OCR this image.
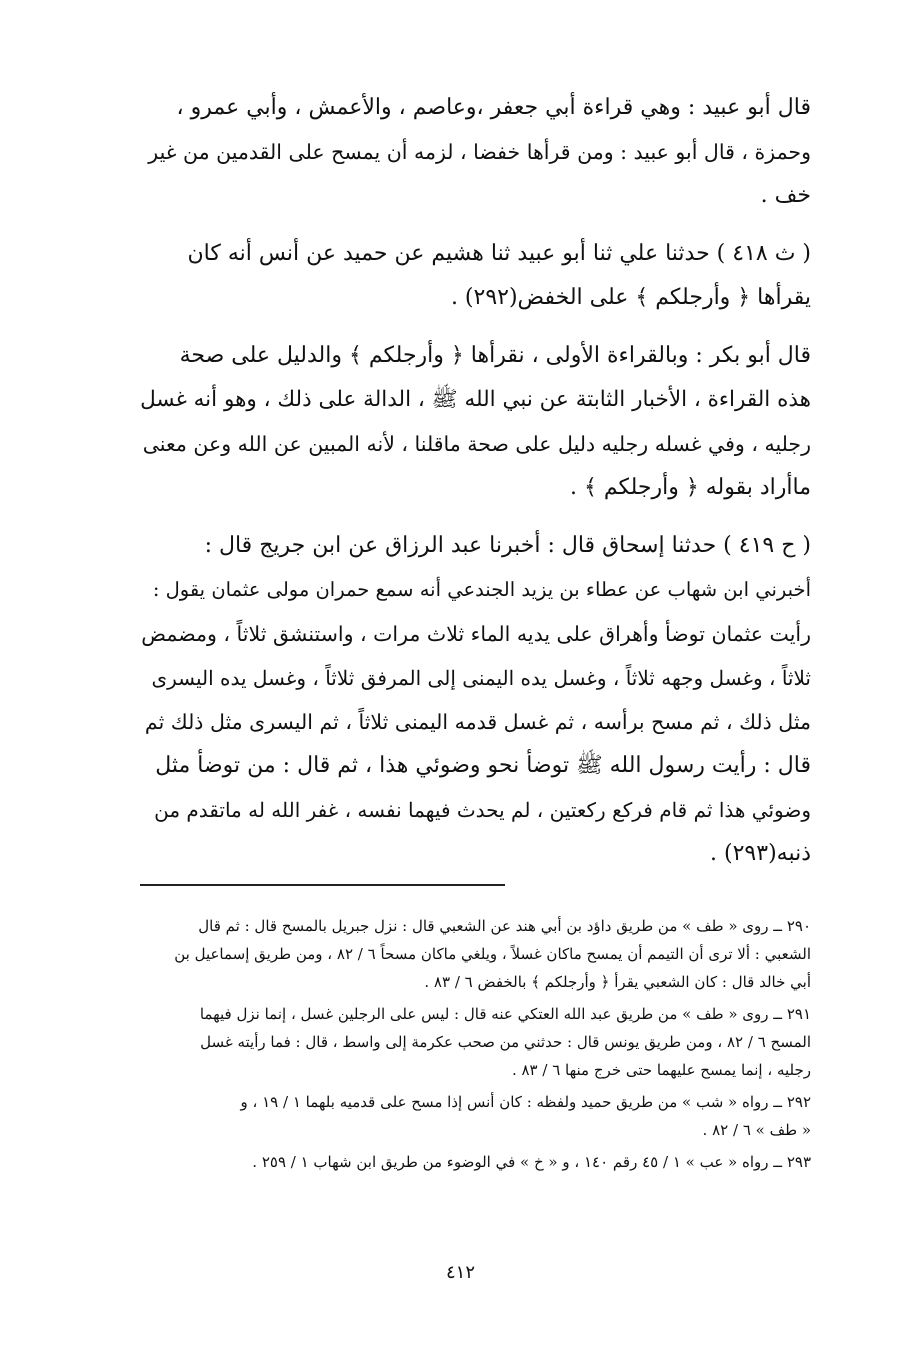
قال أبو عبيد : وهي قراءة أبي جعفر ،وعاصم ، والأعمش ، وأبي عمرو ،
وحمزة ، قال أبو عبيد : ومن قرأها خفضا ، لزمه أن يمسح على القدمين من غير
خف .

( ث ٤١٨ ) حدثنا علي ثنا أبو عبيد ثنا هشيم عن حميد عن أنس أنه كان
يقرأها ﴿ وأرجلكم ﴾ على الخفض(٢٩٢) .

قال أبو بكر : وبالقراءة الأولى ، نقرأها ﴿ وأرجلكم ﴾ والدليل على صحة
هذه القراءة ، الأخبار الثابتة عن نبي الله ﷺ ، الدالة على ذلك ، وهو أنه غسل
رجليه ، وفي غسله رجليه دليل على صحة ماقلنا ، لأنه المبين عن الله وعن معنى
ماأراد بقوله ﴿ وأرجلكم ﴾ .

( ح ٤١٩ ) حدثنا إسحاق قال : أخبرنا عبد الرزاق عن ابن جريج قال :
أخبرني ابن شهاب عن عطاء بن يزيد الجندعي أنه سمع حمران مولى عثمان يقول :
رأيت عثمان توضأ وأهراق على يديه الماء ثلاث مرات ، واستنشق ثلاثاً ، ومضمض
ثلاثاً ، وغسل وجهه ثلاثاً ، وغسل يده اليمنى إلى المرفق ثلاثاً ، وغسل يده اليسرى
مثل ذلك ، ثم مسح برأسه ، ثم غسل قدمه اليمنى ثلاثاً ، ثم اليسرى مثل ذلك ثم
قال : رأيت رسول الله ﷺ توضأ نحو وضوئي هذا ، ثم قال : من توضأ مثل
وضوئي هذا ثم قام فركع ركعتين ، لم يحدث فيهما نفسه ، غفر الله له ماتقدم من
ذنبه(٢٩٣) .

٢٩٠ ــ روى « طف » من طريق داؤد بن أبي هند عن الشعبي قال : نزل جبريل بالمسح قال : ثم قال
الشعبي : ألا ترى أن التيمم أن يمسح ماكان غسلاً ، ويلغي ماكان مسحاً ٦ / ٨٢ ، ومن طريق إسماعيل بن
أبي خالد قال : كان الشعبي يقرأ ﴿ وأرجلكم ﴾ بالخفض ٦ / ٨٣ .

٢٩١ ــ روى « طف » من طريق عبد الله العتكي عنه قال : ليس على الرجلين غسل ، إنما نزل فيهما
المسح ٦ / ٨٢ ، ومن طريق يونس قال : حدثني من صحب عكرمة إلى واسط ، قال : فما رأيته غسل
رجليه ، إنما يمسح عليهما حتى خرج منها ٦ / ٨٣ .

٢٩٢ ــ رواه « شب » من طريق حميد ولفظه : كان أنس إذا مسح على قدميه بلهما ١ / ١٩ ، و
« طف » ٦ / ٨٢ .

٢٩٣ ــ رواه « عب » ١ / ٤٥ رقم ١٤٠ ، و « خ » في الوضوء من طريق ابن شهاب ١ / ٢٥٩ .

٤١٢
